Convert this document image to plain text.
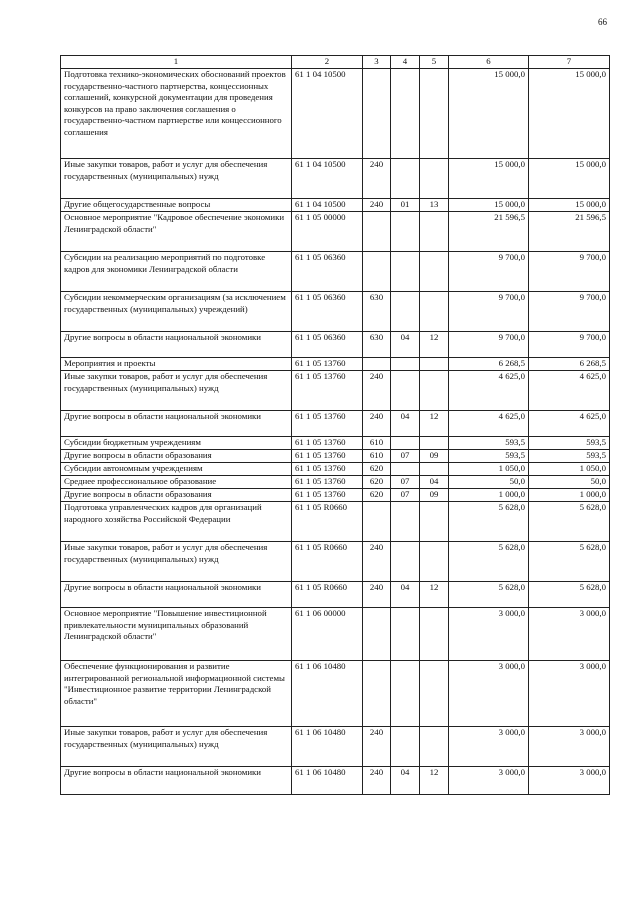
66
1	2	3	4	5	6	7
Подготовка технико-экономических обоснований проектов государственно-частного партнерства, концессионных соглашений, конкурсной документации для проведения конкурсов на право заключения соглашения о государственно-частном партнерстве или концессионного соглашения	61 1 04 10500				15 000,0	15 000,0
Иные закупки товаров, работ и услуг для обеспечения государственных (муниципальных) нужд	61 1 04 10500	240			15 000,0	15 000,0
Другие общегосударственные вопросы	61 1 04 10500	240	01	13	15 000,0	15 000,0
Основное мероприятие "Кадровое обеспечение экономики Ленинградской области"	61 1 05 00000				21 596,5	21 596,5
Субсидии на реализацию мероприятий по подготовке кадров для экономики Ленинградской области	61 1 05 06360				9 700,0	9 700,0
Субсидии некоммерческим организациям (за исключением государственных (муниципальных) учреждений)	61 1 05 06360	630			9 700,0	9 700,0
Другие вопросы в области национальной экономики	61 1 05 06360	630	04	12	9 700,0	9 700,0
Мероприятия и проекты	61 1 05 13760				6 268,5	6 268,5
Иные закупки товаров, работ и услуг для обеспечения государственных (муниципальных) нужд	61 1 05 13760	240			4 625,0	4 625,0
Другие вопросы в области национальной экономики	61 1 05 13760	240	04	12	4 625,0	4 625,0
Субсидии бюджетным учреждениям	61 1 05 13760	610			593,5	593,5
Другие вопросы в области образования	61 1 05 13760	610	07	09	593,5	593,5
Субсидии автономным учреждениям	61 1 05 13760	620			1 050,0	1 050,0
Среднее профессиональное образование	61 1 05 13760	620	07	04	50,0	50,0
Другие вопросы в области образования	61 1 05 13760	620	07	09	1 000,0	1 000,0
Подготовка управленческих кадров для организаций народного хозяйства Российской Федерации	61 1 05 R0660				5 628,0	5 628,0
Иные закупки товаров, работ и услуг для обеспечения государственных (муниципальных) нужд	61 1 05 R0660	240			5 628,0	5 628,0
Другие вопросы в области национальной экономики	61 1 05 R0660	240	04	12	5 628,0	5 628,0
Основное мероприятие "Повышение инвестиционной привлекательности муниципальных образований Ленинградской области"	61 1 06 00000				3 000,0	3 000,0
Обеспечение функционирования и развитие интегрированной региональной информационной системы "Инвестиционное развитие территории Ленинградской области"	61 1 06 10480				3 000,0	3 000,0
Иные закупки товаров, работ и услуг для обеспечения государственных (муниципальных) нужд	61 1 06 10480	240			3 000,0	3 000,0
Другие вопросы в области национальной экономики	61 1 06 10480	240	04	12	3 000,0	3 000,0
